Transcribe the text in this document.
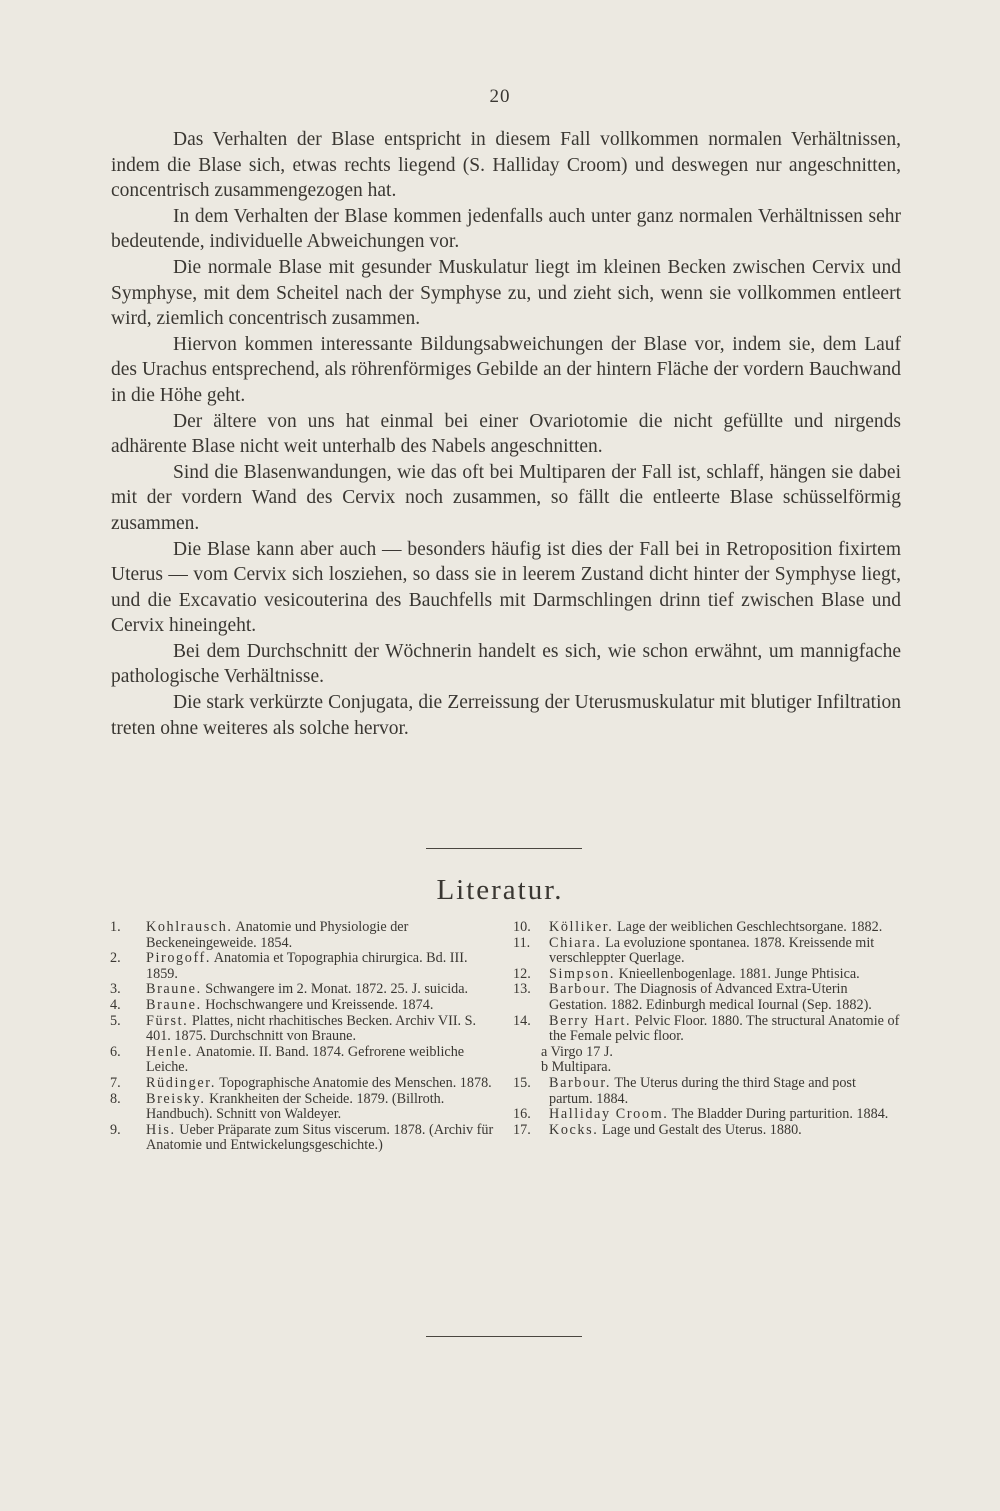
20

Das Verhalten der Blase entspricht in diesem Fall vollkommen normalen Verhältnissen, indem die Blase sich, etwas rechts liegend (S. Halliday Croom) und deswegen nur angeschnitten, concentrisch zusammengezogen hat.

In dem Verhalten der Blase kommen jedenfalls auch unter ganz normalen Verhältnissen sehr bedeutende, individuelle Abweichungen vor.

Die normale Blase mit gesunder Muskulatur liegt im kleinen Becken zwischen Cervix und Symphyse, mit dem Scheitel nach der Symphyse zu, und zieht sich, wenn sie vollkommen entleert wird, ziemlich concentrisch zusammen.

Hiervon kommen interessante Bildungsabweichungen der Blase vor, indem sie, dem Lauf des Urachus entsprechend, als röhrenförmiges Gebilde an der hintern Fläche der vordern Bauchwand in die Höhe geht.

Der ältere von uns hat einmal bei einer Ovariotomie die nicht gefüllte und nirgends adhärente Blase nicht weit unterhalb des Nabels angeschnitten.

Sind die Blasenwandungen, wie das oft bei Multiparen der Fall ist, schlaff, hängen sie dabei mit der vordern Wand des Cervix noch zusammen, so fällt die entleerte Blase schüsselförmig zusammen.

Die Blase kann aber auch — besonders häufig ist dies der Fall bei in Retroposition fixirtem Uterus — vom Cervix sich losziehen, so dass sie in leerem Zustand dicht hinter der Symphyse liegt, und die Excavatio vesicouterina des Bauchfells mit Darmschlingen drinn tief zwischen Blase und Cervix hineingeht.

Bei dem Durchschnitt der Wöchnerin handelt es sich, wie schon erwähnt, um mannigfache pathologische Verhältnisse.

Die stark verkürzte Conjugata, die Zerreissung der Uterusmuskulatur mit blutiger Infiltration treten ohne weiteres als solche hervor.

Literatur.
1. Kohlrausch. Anatomie und Physiologie der Beckeneingeweide. 1854.
2. Pirogoff. Anatomia et Topographia chirurgica. Bd. III. 1859.
3. Braune. Schwangere im 2. Monat. 1872. 25. J. suicida.
4. Braune. Hochschwangere und Kreissende. 1874.
5. Fürst. Plattes, nicht rhachitisches Becken. Archiv VII. S. 401. 1875. Durchschnitt von Braune.
6. Henle. Anatomie. II. Band. 1874. Gefrorene weibliche Leiche.
7. Rüdinger. Topographische Anatomie des Menschen. 1878.
8. Breisky. Krankheiten der Scheide. 1879. (Billroth. Handbuch). Schnitt von Waldeyer.
9. His. Ueber Präparate zum Situs viscerum. 1878. (Archiv für Anatomie und Entwickelungsgeschichte.)
10. Kölliker. Lage der weiblichen Geschlechtsorgane. 1882.
11. Chiara. La evoluzione spontanea. 1878. Kreissende mit verschleppter Querlage.
12. Simpson. Knieellenbogenlage. 1881. Junge Phtisica.
13. Barbour. The Diagnosis of Advanced Extra-Uterin Gestation. 1882. Edinburgh medical Iournal (Sep. 1882).
14. Berry Hart. Pelvic Floor. 1880. The structural Anatomie of the Female pelvic floor.
a Virgo 17 J.
b Multipara.
15. Barbour. The Uterus during the third Stage and post partum. 1884.
16. Halliday Croom. The Bladder During parturition. 1884.
17. Kocks. Lage und Gestalt des Uterus. 1880.
